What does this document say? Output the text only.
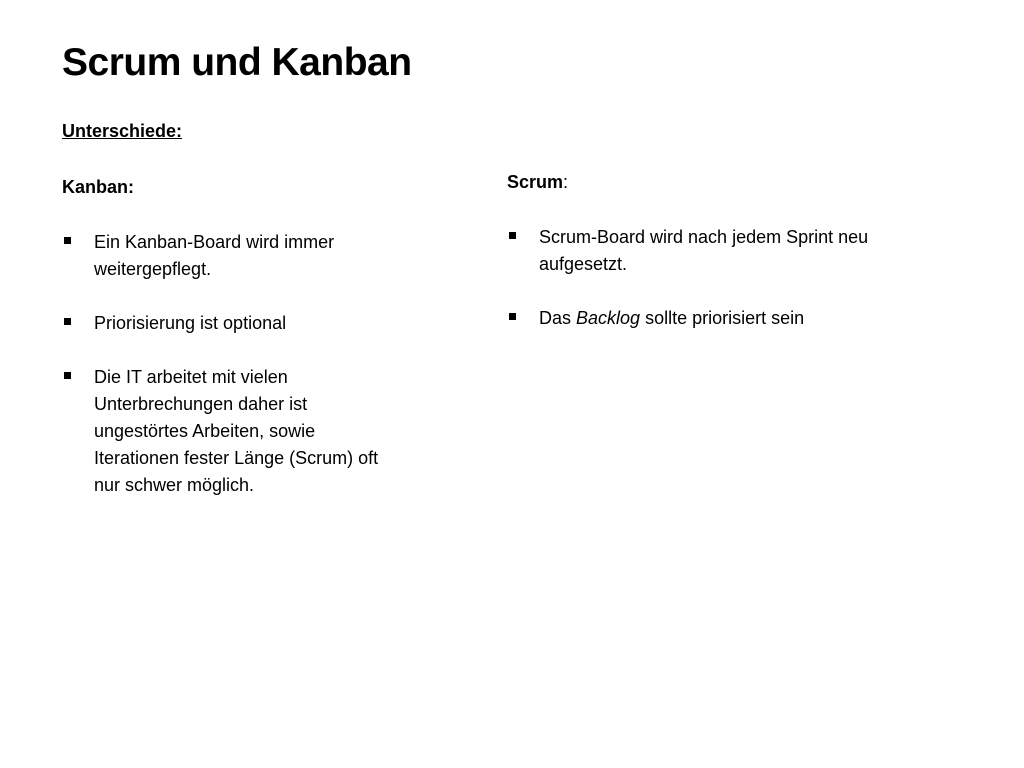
Scrum und Kanban
Unterschiede:
Kanban:
Ein Kanban-Board wird immer weitergepflegt.
Priorisierung ist optional
Die IT arbeitet mit vielen Unterbrechungen daher ist ungestörtes Arbeiten, sowie Iterationen fester Länge (Scrum) oft nur schwer möglich.
Scrum:
Scrum-Board wird nach jedem Sprint neu aufgesetzt.
Das Backlog sollte priorisiert sein
